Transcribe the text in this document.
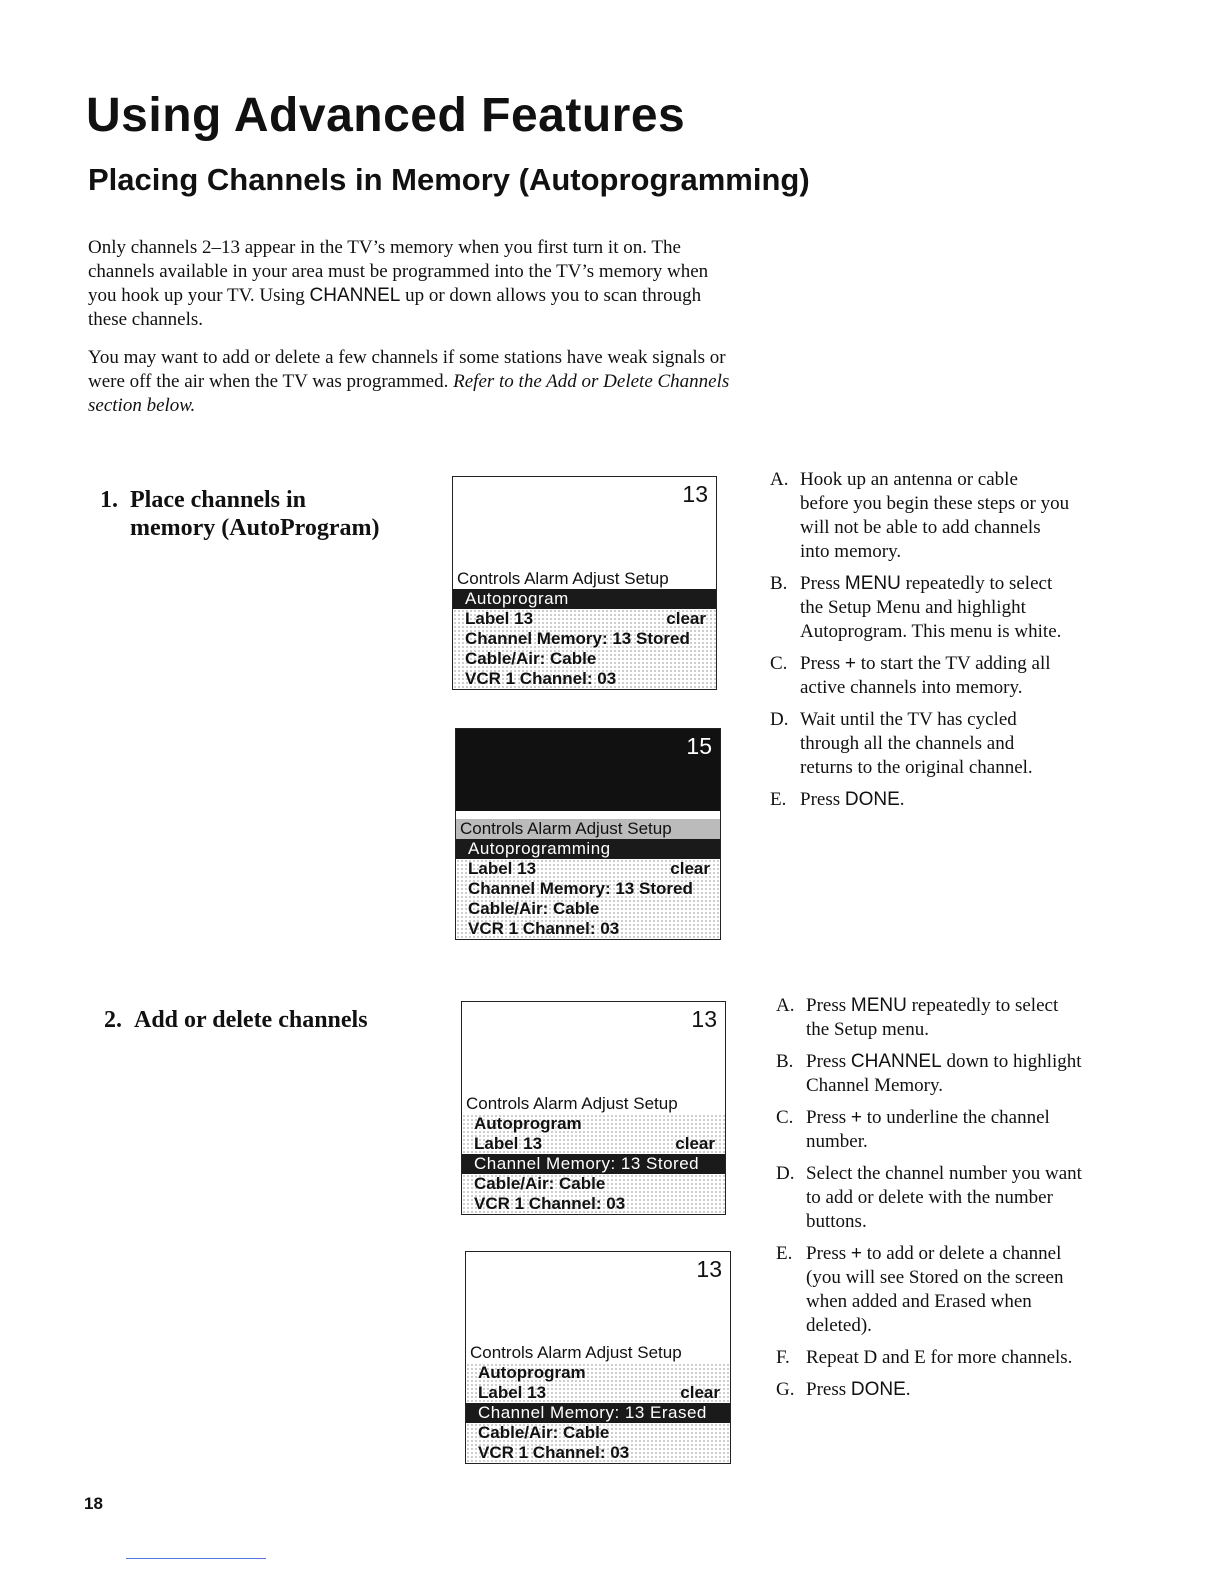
Using Advanced Features
Placing Channels in Memory (Autoprogramming)

Only channels 2–13 appear in the TV’s memory when you first turn it on. The channels available in your area must be programmed into the TV’s memory when you hook up your TV. Using CHANNEL up or down allows you to scan through these channels.

You may want to add or delete a few channels if some stations have weak signals or were off the air when the TV was programmed. Refer to the Add or Delete Channels section below.

1. Place channels in
memory (AutoProgram)
13
Controls Alarm Adjust Setup
Autoprogram
Label 13	clear
Channel Memory: 13 Stored
Cable/Air: Cable
VCR 1 Channel: 03
15
Controls Alarm Adjust Setup
Autoprogramming
Label 13	clear
Channel Memory: 13 Stored
Cable/Air: Cable
VCR 1 Channel: 03
A. Hook up an antenna or cable before you begin these steps or you will not be able to add channels into memory.
B. Press MENU repeatedly to select the Setup Menu and highlight Autoprogram. This menu is white.
C. Press + to start the TV adding all active channels into memory.
D. Wait until the TV has cycled through all the channels and returns to the original channel.
E. Press DONE.
2. Add or delete channels	13
Controls Alarm Adjust Setup
Autoprogram
Label 13	clear
Channel Memory: 13 Stored
Cable/Air: Cable
VCR 1 Channel: 03
13
Controls Alarm Adjust Setup
Autoprogram
Label 13	clear
Channel Memory: 13 Erased
Cable/Air: Cable
VCR 1 Channel: 03
A. Press MENU repeatedly to select the Setup menu.
B. Press CHANNEL down to highlight Channel Memory.
C. Press + to underline the channel number.
D. Select the channel number you want to add or delete with the number buttons.
E. Press + to add or delete a channel (you will see Stored on the screen when added and Erased when deleted).
F. Repeat D and E for more channels.
G. Press DONE.
18
